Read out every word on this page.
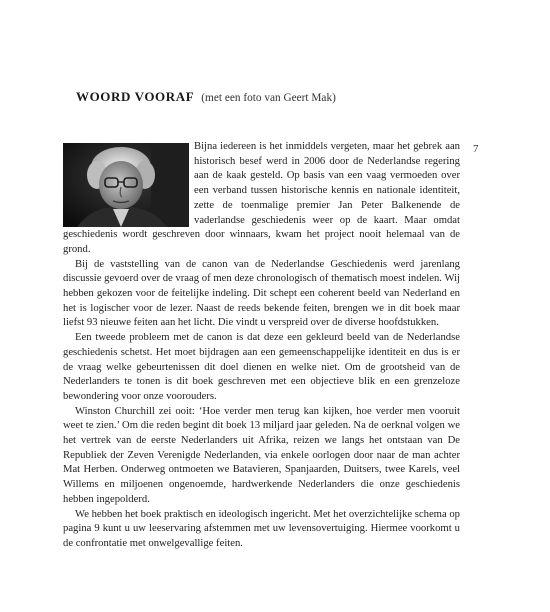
WOORD VOORAF (met een foto van Geert Mak)
7

Bijna iedereen is het inmiddels vergeten, maar het gebrek aan historisch besef werd in 2006 door de Nederlandse regering aan de kaak gesteld. Op basis van een vaag vermoeden over een verband tussen historische kennis en nationale identiteit, zette de toenmalige premier Jan Peter Balkenende de vaderlandse geschiedenis weer op de kaart. Maar omdat geschiedenis wordt geschreven door winnaars, kwam het project nooit helemaal van de grond.

Bij de vaststelling van de canon van de Nederlandse Geschiedenis werd jarenlang discussie gevoerd over de vraag of men deze chronologisch of thematisch moest indelen. Wij hebben gekozen voor de feitelijke indeling. Dit schept een coherent beeld van Nederland en het is logischer voor de lezer. Naast de reeds bekende feiten, brengen we in dit boek maar liefst 93 nieuwe feiten aan het licht. Die vindt u verspreid over de diverse hoofdstukken.

Een tweede probleem met de canon is dat deze een gekleurd beeld van de Nederlandse geschiedenis schetst. Het moet bijdragen aan een gemeenschappelijke identiteit en dus is er de vraag welke gebeurtenissen dit doel dienen en welke niet. Om de grootsheid van de Nederlanders te tonen is dit boek geschreven met een objectieve blik en een grenzeloze bewondering voor onze voorouders.

Winston Churchill zei ooit: ‘Hoe verder men terug kan kijken, hoe verder men vooruit weet te zien.’ Om die reden begint dit boek 13 miljard jaar geleden. Na de oerknal volgen we het vertrek van de eerste Nederlanders uit Afrika, reizen we langs het ontstaan van De Republiek der Zeven Verenigde Nederlanden, via enkele oorlogen door naar de man achter Mat Herben. Onderweg ontmoeten we Batavieren, Spanjaarden, Duitsers, twee Karels, veel Willems en miljoenen ongenoemde, hardwerkende Nederlanders die onze geschiedenis hebben ingepolderd.

We hebben het boek praktisch en ideologisch ingericht. Met het overzichtelijke schema op pagina 9 kunt u uw leeservaring afstemmen met uw levensovertuiging. Hiermee voorkomt u de confrontatie met onwelgevallige feiten.
